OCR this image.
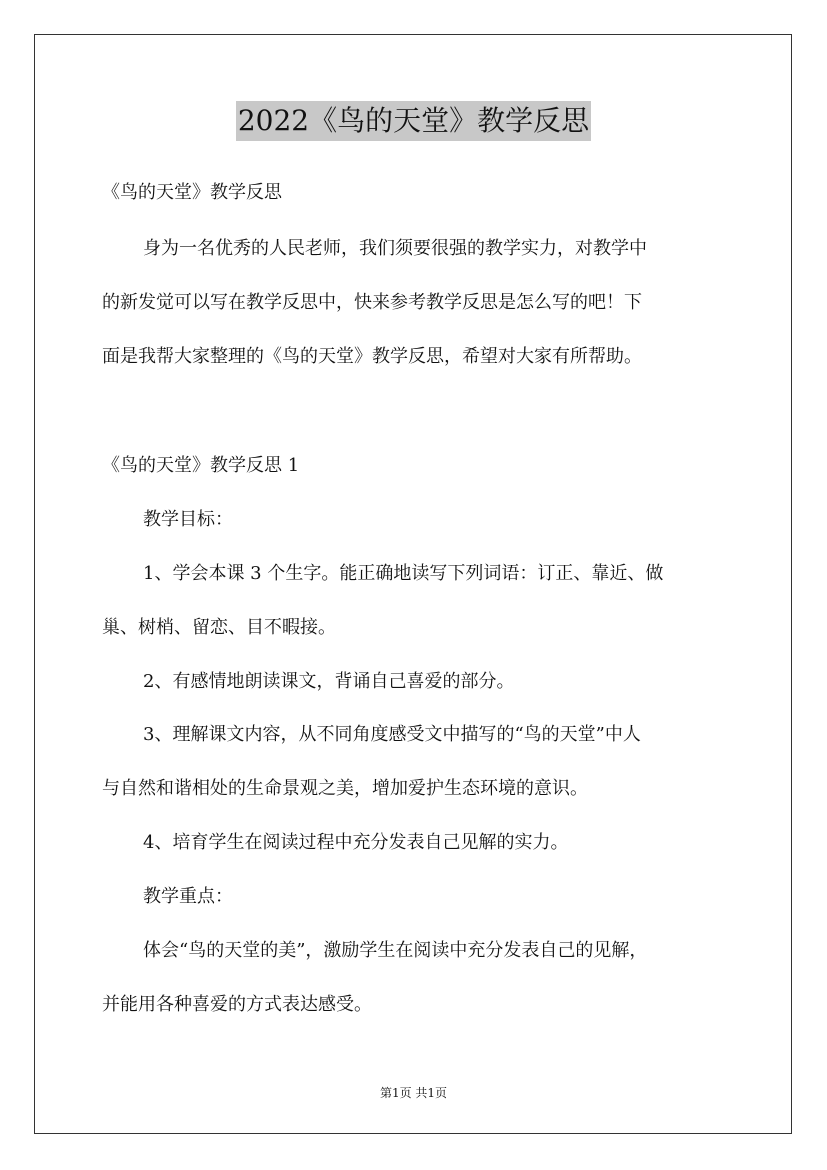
2022《鸟的天堂》教学反思
《鸟的天堂》教学反思
身为一名优秀的人民老师，我们须要很强的教学实力，对教学中
的新发觉可以写在教学反思中，快来参考教学反思是怎么写的吧！下
面是我帮大家整理的《鸟的天堂》教学反思，希望对大家有所帮助。
《鸟的天堂》教学反思 1
教学目标：
1、学会本课 3 个生字。能正确地读写下列词语：订正、靠近、做
巢、树梢、留恋、目不暇接。
2、有感情地朗读课文，背诵自己喜爱的部分。
3、理解课文内容，从不同角度感受文中描写的“鸟的天堂”中人
与自然和谐相处的生命景观之美，增加爱护生态环境的意识。
4、培育学生在阅读过程中充分发表自己见解的实力。
教学重点：
体会“鸟的天堂的美”，激励学生在阅读中充分发表自己的见解，
并能用各种喜爱的方式表达感受。
第1页 共1页
